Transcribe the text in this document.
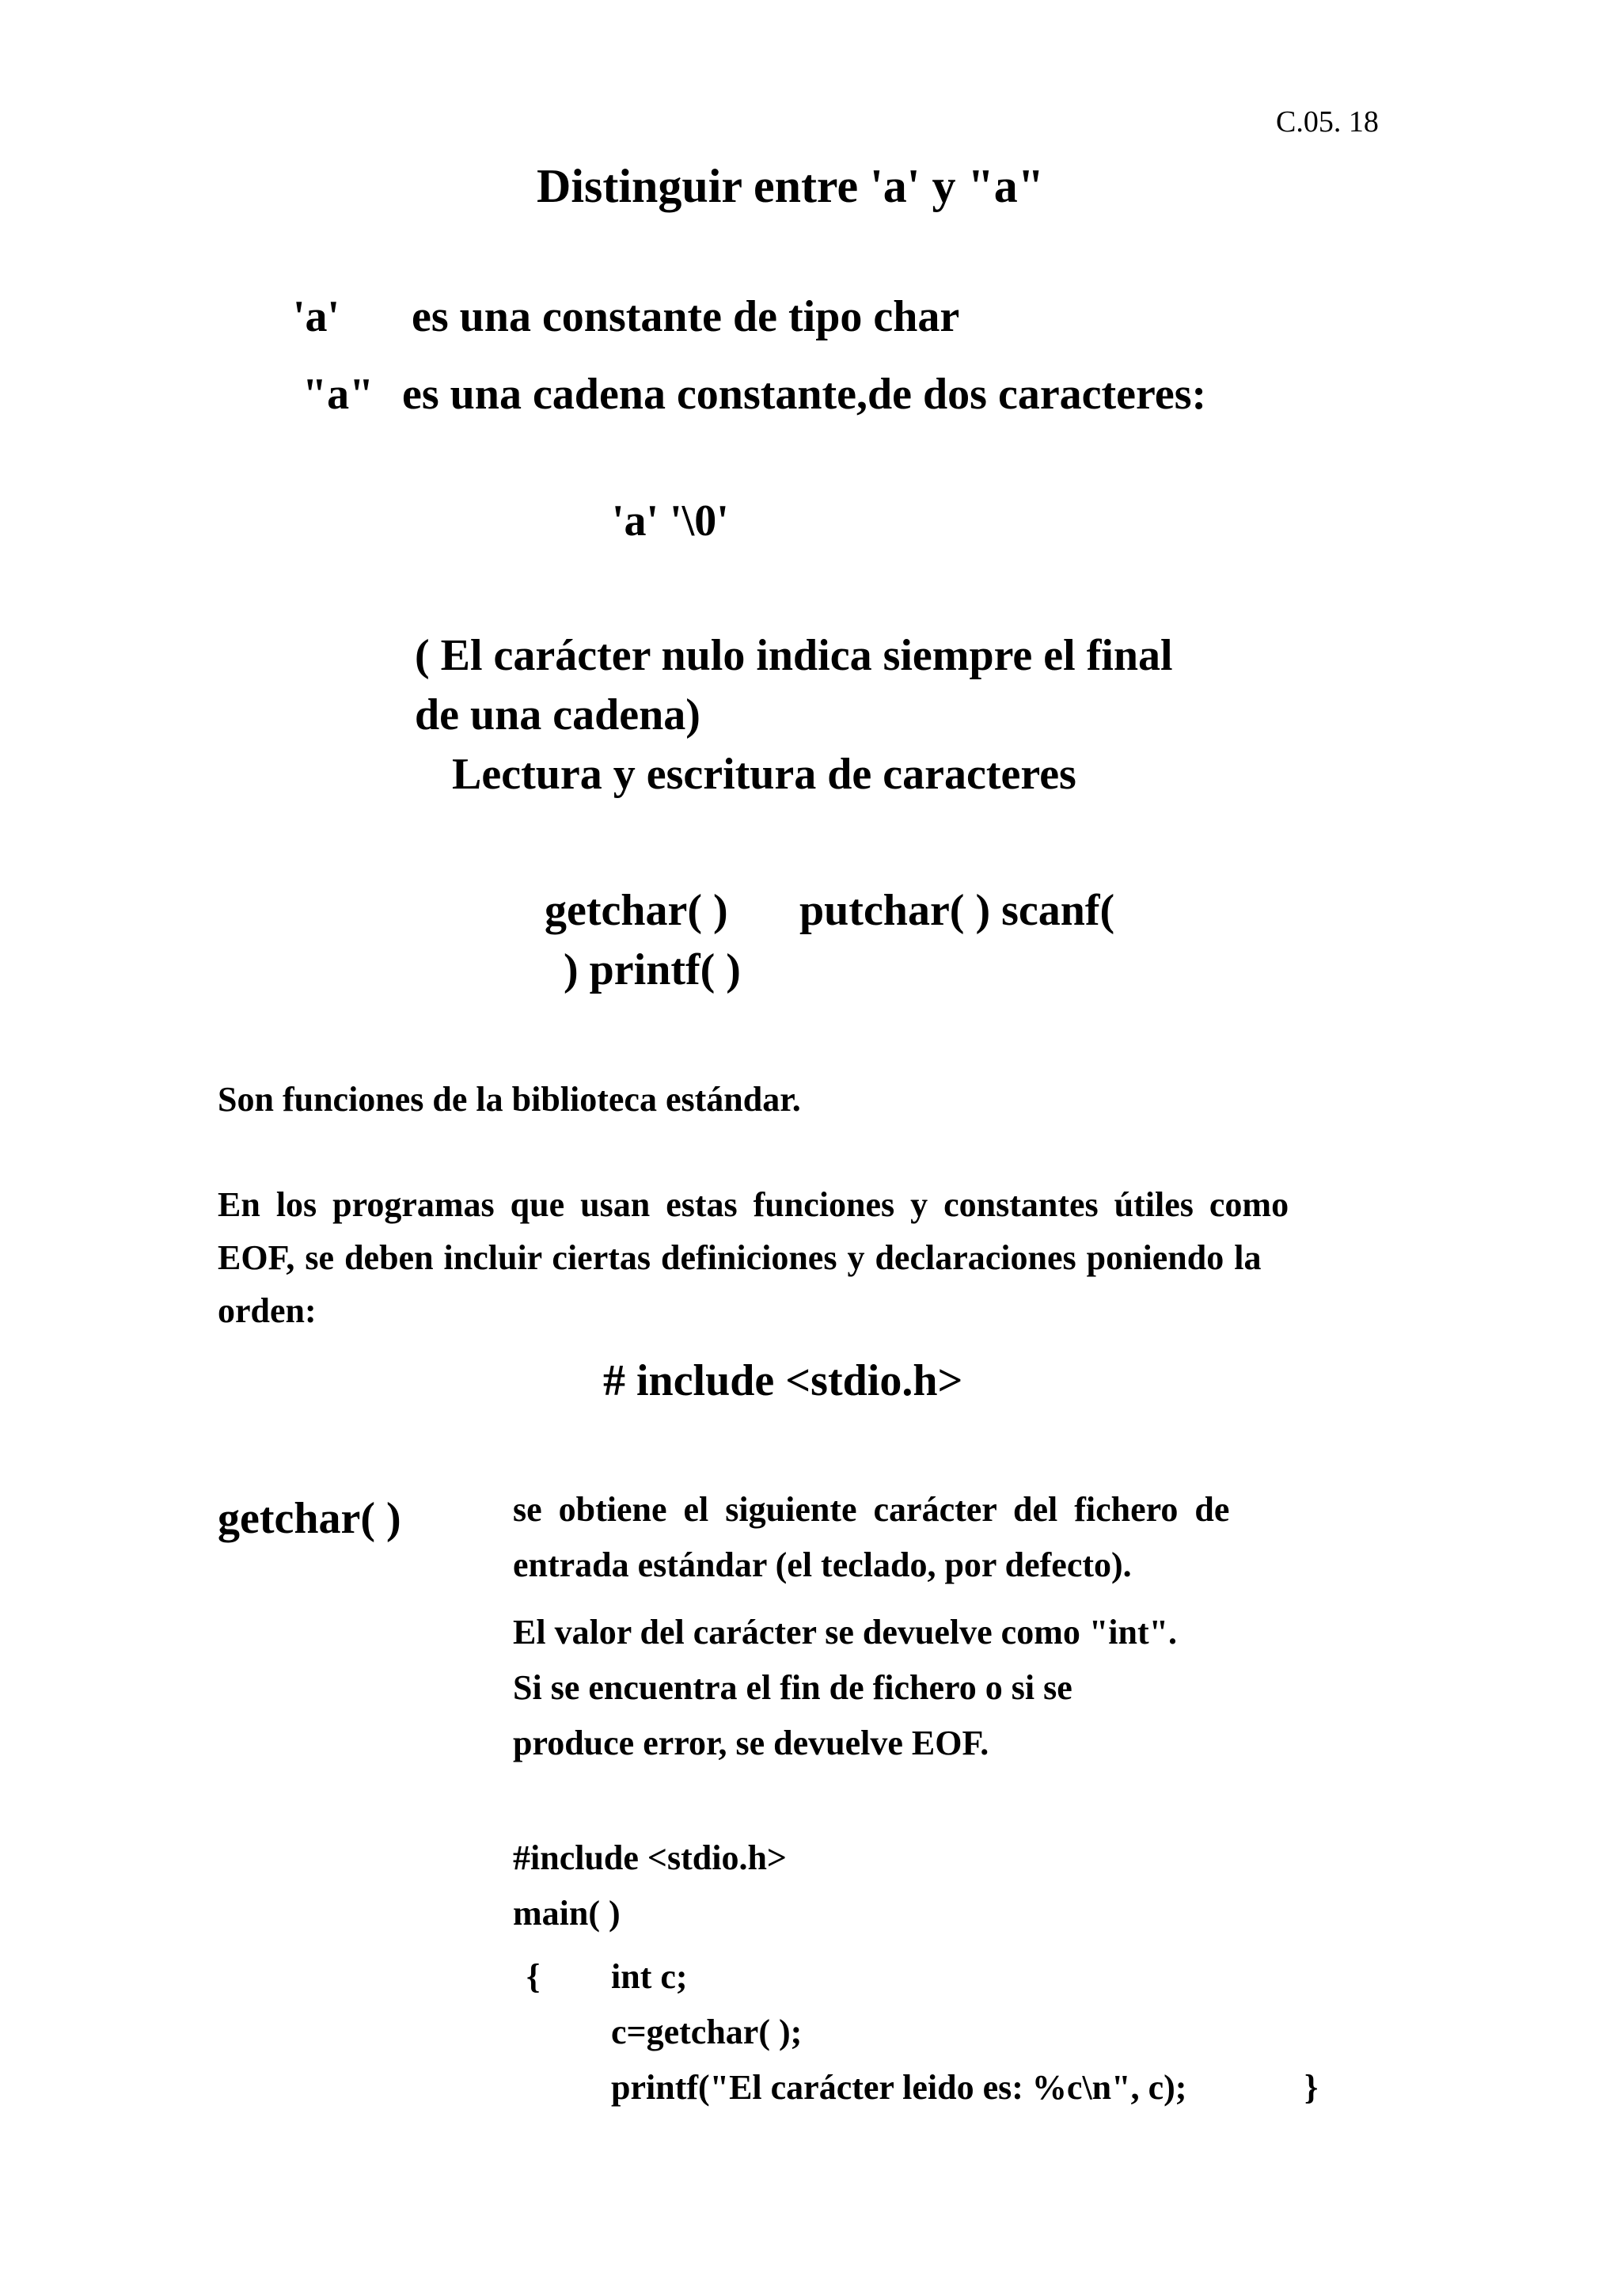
C.05. 18
Distinguir entre 'a' y "a"
'a' es una constante de tipo char
"a" es una cadena constante,de dos caracteres:
'a' '\0'
( El carácter nulo indica siempre el final
de una cadena)
Lectura y escritura de caracteres
getchar( ) putchar( ) scanf(
) printf( )
Son funciones de la biblioteca estándar.
En los programas que usan estas funciones y constantes útiles como
EOF, se deben incluir ciertas definiciones y declaraciones poniendo la
orden:
# include <stdio.h>
getchar( )	se obtiene el siguiente carácter del fichero de
entrada estándar (el teclado, por defecto).
El valor del carácter se devuelve como "int".
Si se encuentra el fin de fichero o si se
produce error, se devuelve EOF.
#include <stdio.h>
main( )
{ int c;
c=getchar( );
printf("El carácter leido es: %c\n", c);	}
